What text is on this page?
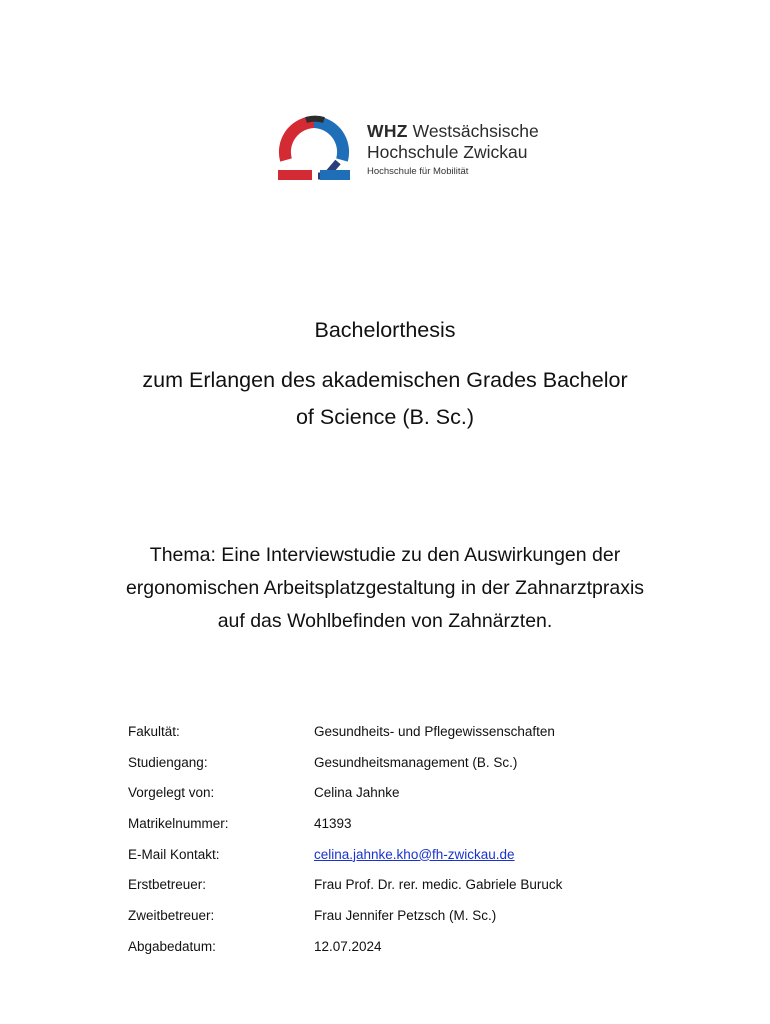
WHZ Westsächsische
Hochschule Zwickau
Hochschule für Mobilität
Bachelorthesis
zum Erlangen des akademischen Grades Bachelor
of Science (B. Sc.)
Thema: Eine Interviewstudie zu den Auswirkungen der
ergonomischen Arbeitsplatzgestaltung in der Zahnarztpraxis
auf das Wohlbefinden von Zahnärzten.
Fakultät:	Gesundheits- und Pflegewissenschaften
Studiengang:	Gesundheitsmanagement (B. Sc.)
Vorgelegt von:	Celina Jahnke
Matrikelnummer:	41393
E-Mail Kontakt:	celina.jahnke.kho@fh-zwickau.de
Erstbetreuer:	Frau Prof. Dr. rer. medic. Gabriele Buruck
Zweitbetreuer:	Frau Jennifer Petzsch (M. Sc.)
Abgabedatum:	12.07.2024
